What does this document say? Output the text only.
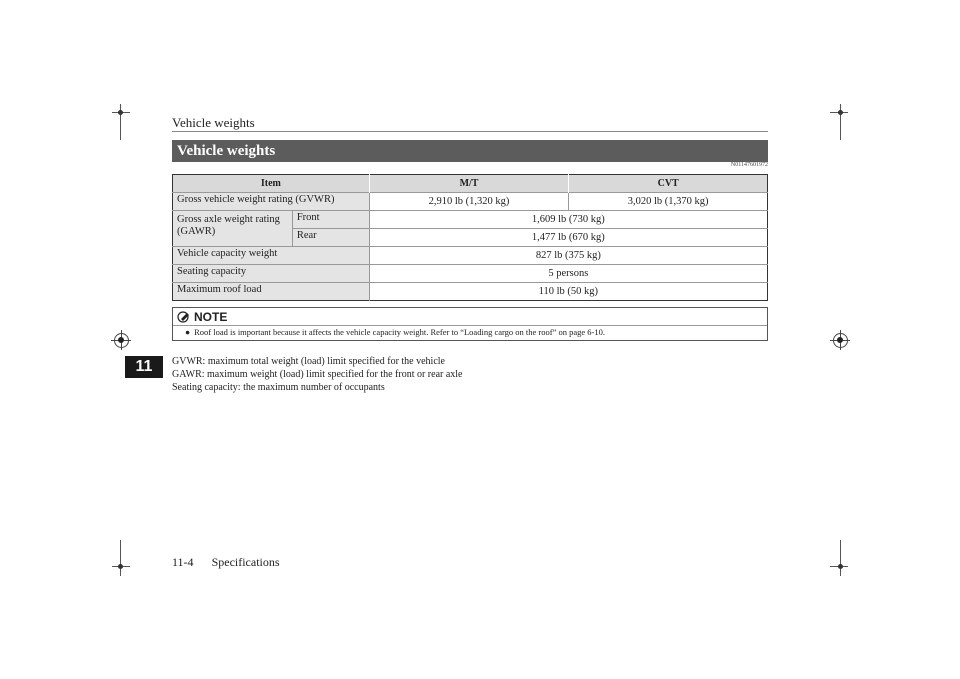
Vehicle weights
11
Vehicle weights
N01147601972
Item		M/T	CVT
Gross vehicle weight rating (GVWR)		2,910 lb (1,320 kg)	3,020 lb (1,370 kg)
Gross axle weight rating (GAWR)	Front	1,609 lb (730 kg)	
	Rear	1,477 lb (670 kg)	
Vehicle capacity weight		827 lb (375 kg)	
Seating capacity		5 persons	
Maximum roof load		110 lb (50 kg)	
NOTE
● Roof load is important because it affects the vehicle capacity weight. Refer to “Loading cargo on the roof” on page 6-10.
GVWR: maximum total weight (load) limit specified for the vehicle
GAWR: maximum weight (load) limit specified for the front or rear axle
Seating capacity: the maximum number of occupants
11-4 Specifications
